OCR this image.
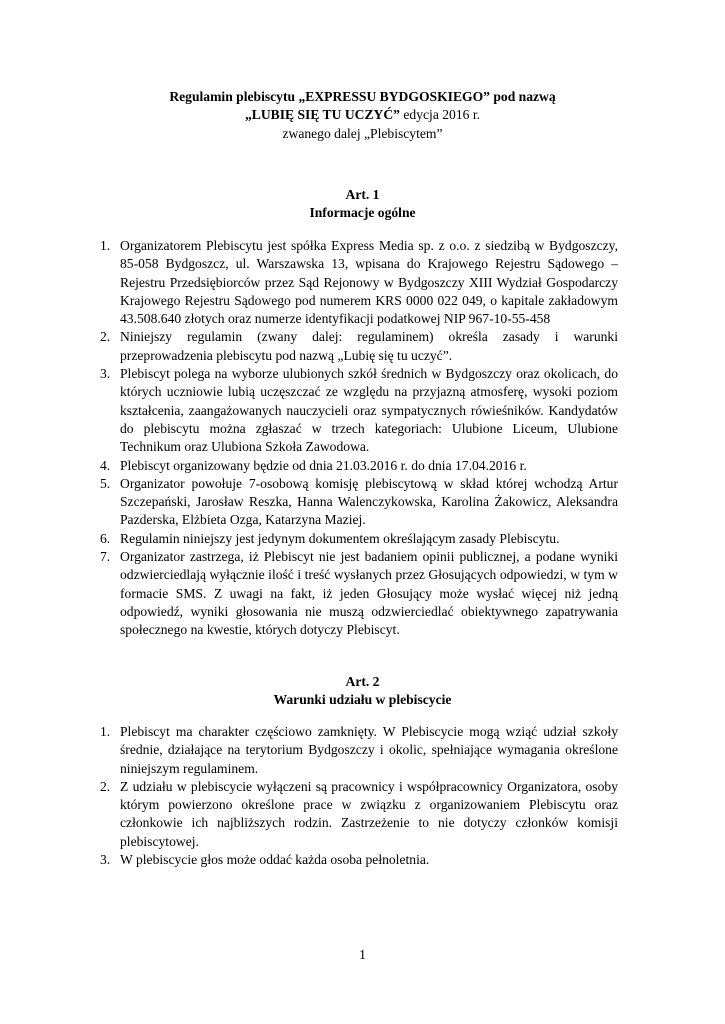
Regulamin plebiscytu „EXPRESSU BYDGOSKIEGO” pod nazwą
„LUBIĘ SIĘ TU UCZYĆ” edycja 2016 r.
zwanego dalej „Plebiscytem”
Art. 1
Informacje ogólne
1. Organizatorem Plebiscytu jest spółka Express Media sp. z o.o. z siedzibą w Bydgoszczy, 85-058 Bydgoszcz, ul. Warszawska 13, wpisana do Krajowego Rejestru Sądowego – Rejestru Przedsiębiorców przez Sąd Rejonowy w Bydgoszczy XIII Wydział Gospodarczy Krajowego Rejestru Sądowego pod numerem KRS 0000 022 049, o kapitale zakładowym 43.508.640 złotych oraz numerze identyfikacji podatkowej NIP 967-10-55-458
2. Niniejszy regulamin (zwany dalej: regulaminem) określa zasady i warunki przeprowadzenia plebiscytu pod nazwą „Lubię się tu uczyć”.
3. Plebiscyt polega na wyborze ulubionych szkół średnich w Bydgoszczy oraz okolicach, do których uczniowie lubią uczęszczać ze względu na przyjazną atmosferę, wysoki poziom kształcenia, zaangażowanych nauczycieli oraz sympatycznych rówieśników. Kandydatów do plebiscytu można zgłaszać w trzech kategoriach: Ulubione Liceum, Ulubione Technikum oraz Ulubiona Szkoła Zawodowa.
4. Plebiscyt organizowany będzie od dnia 21.03.2016 r. do dnia 17.04.2016 r.
5. Organizator powołuje 7-osobową komisję plebiscytową w skład której wchodzą Artur Szczepański, Jarosław Reszka, Hanna Walenczykowska, Karolina Żakowicz, Aleksandra Pazderska, Elżbieta Ozga, Katarzyna Maziej.
6. Regulamin niniejszy jest jedynym dokumentem określającym zasady Plebiscytu.
7. Organizator zastrzega, iż Plebiscyt nie jest badaniem opinii publicznej, a podane wyniki odzwierciedlają wyłącznie ilość i treść wysłanych przez Głosujących odpowiedzi, w tym w formacie SMS. Z uwagi na fakt, iż jeden Głosujący może wysłać więcej niż jedną odpowiedź, wyniki głosowania nie muszą odzwierciedlać obiektywnego zapatrywania społecznego na kwestie, których dotyczy Plebiscyt.
Art. 2
Warunki udziału w plebiscycie
1. Plebiscyt ma charakter częściowo zamknięty. W Plebiscycie mogą wziąć udział szkoły średnie, działające na terytorium Bydgoszczy i okolic, spełniające wymagania określone niniejszym regulaminem.
2. Z udziału w plebiscycie wyłączeni są pracownicy i współpracownicy Organizatora, osoby którym powierzono określone prace w związku z organizowaniem Plebiscytu oraz członkowie ich najbliższych rodzin. Zastrzeżenie to nie dotyczy członków komisji plebiscytowej.
3. W plebiscycie głos może oddać każda osoba pełnoletnia.
1
